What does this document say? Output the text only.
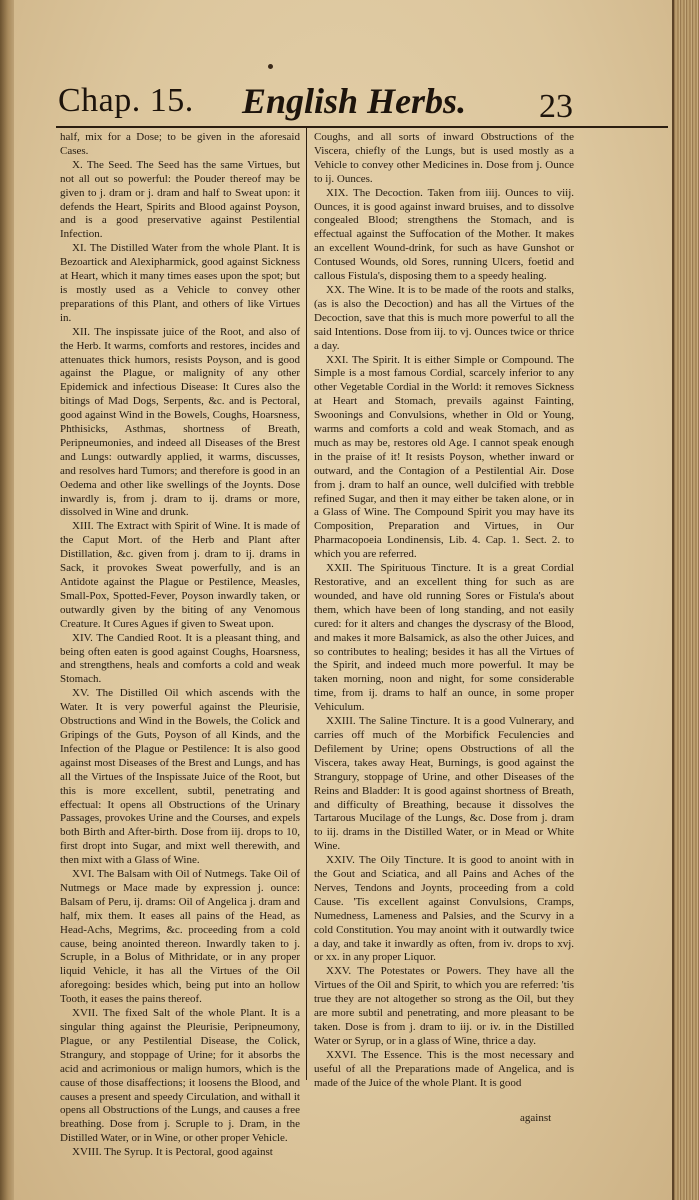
Chap. 15. English Herbs. 23

half, mix for a Dose; to be given in the aforesaid Cases.

X. The Seed. The Seed has the same Virtues, but not all out so powerful: the Pouder thereof may be given to j. dram or j. dram and half to Sweat upon: it defends the Heart, Spirits and Blood against Poyson, and is a good preservative against Pestilential Infection.

XI. The Distilled Water from the whole Plant. It is Bezoartick and Alexipharmick, good against Sickness at Heart, which it many times eases upon the spot; but is mostly used as a Vehicle to convey other preparations of this Plant, and others of like Virtues in.

XII. The inspissate juice of the Root, and also of the Herb. It warms, comforts and restores, incides and attenuates thick humors, resists Poyson, and is good against the Plague, or malignity of any other Epidemick and infectious Disease: It Cures also the bitings of Mad Dogs, Serpents, &c. and is Pectoral, good against Wind in the Bowels, Coughs, Hoarsness, Phthisicks, Asthmas, shortness of Breath, Peripneumonies, and indeed all Diseases of the Brest and Lungs: outwardly applied, it warms, discusses, and resolves hard Tumors; and therefore is good in an Oedema and other like swellings of the Joynts. Dose inwardly is, from j. dram to ij. drams or more, dissolved in Wine and drunk.

XIII. The Extract with Spirit of Wine. It is made of the Caput Mort. of the Herb and Plant after Distillation, &c. given from j. dram to ij. drams in Sack, it provokes Sweat powerfully, and is an Antidote against the Plague or Pestilence, Measles, Small-Pox, Spotted-Fever, Poyson inwardly taken, or outwardly given by the biting of any Venomous Creature. It Cures Agues if given to Sweat upon.

XIV. The Candied Root. It is a pleasant thing, and being often eaten is good against Coughs, Hoarsness, and strengthens, heals and comforts a cold and weak Stomach.

XV. The Distilled Oil which ascends with the Water. It is very powerful against the Pleurisie, Obstructions and Wind in the Bowels, the Colick and Gripings of the Guts, Poyson of all Kinds, and the Infection of the Plague or Pestilence: It is also good against most Diseases of the Brest and Lungs, and has all the Virtues of the Inspissate Juice of the Root, but this is more excellent, subtil, penetrating and effectual: It opens all Obstructions of the Urinary Passages, provokes Urine and the Courses, and expels both Birth and After-birth. Dose from iij. drops to 10, first dropt into Sugar, and mixt well therewith, and then mixt with a Glass of Wine.

XVI. The Balsam with Oil of Nutmegs. Take Oil of Nutmegs or Mace made by expression j. ounce: Balsam of Peru, ij. drams: Oil of Angelica j. dram and half, mix them. It eases all pains of the Head, as Head-Achs, Megrims, &c. proceeding from a cold cause, being anointed thereon. Inwardly taken to j. Scruple, in a Bolus of Mithridate, or in any proper liquid Vehicle, it has all the Virtues of the Oil aforegoing: besides which, being put into an hollow Tooth, it eases the pains thereof.

XVII. The fixed Salt of the whole Plant. It is a singular thing against the Pleurisie, Peripneumony, Plague, or any Pestilential Disease, the Colick, Strangury, and stoppage of Urine; for it absorbs the acid and acrimonious or malign humors, which is the cause of those disaffections; it loosens the Blood, and causes a present and speedy Circulation, and withall it opens all Obstructions of the Lungs, and causes a free breathing. Dose from j. Scruple to j. Dram, in the Distilled Water, or in Wine, or other proper Vehicle.

XVIII. The Syrup. It is Pectoral, good against

Coughs, and all sorts of inward Obstructions of the Viscera, chiefly of the Lungs, but is used mostly as a Vehicle to convey other Medicines in. Dose from j. Ounce to ij. Ounces.

XIX. The Decoction. Taken from iiij. Ounces to viij. Ounces, it is good against inward bruises, and to dissolve congealed Blood; strengthens the Stomach, and is effectual against the Suffocation of the Mother. It makes an excellent Wound-drink, for such as have Gunshot or Contused Wounds, old Sores, running Ulcers, foetid and callous Fistula's, disposing them to a speedy healing.

XX. The Wine. It is to be made of the roots and stalks, (as is also the Decoction) and has all the Virtues of the Decoction, save that this is much more powerful to all the said Intentions. Dose from iij. to vj. Ounces twice or thrice a day.

XXI. The Spirit. It is either Simple or Compound. The Simple is a most famous Cordial, scarcely inferior to any other Vegetable Cordial in the World: it removes Sickness at Heart and Stomach, prevails against Fainting, Swoonings and Convulsions, whether in Old or Young, warms and comforts a cold and weak Stomach, and as much as may be, restores old Age. I cannot speak enough in the praise of it! It resists Poyson, whether inward or outward, and the Contagion of a Pestilential Air. Dose from j. dram to half an ounce, well dulcified with trebble refined Sugar, and then it may either be taken alone, or in a Glass of Wine. The Compound Spirit you may have its Composition, Preparation and Virtues, in Our Pharmacopoeia Londinensis, Lib. 4. Cap. 1. Sect. 2. to which you are referred.

XXII. The Spirituous Tincture. It is a great Cordial Restorative, and an excellent thing for such as are wounded, and have old running Sores or Fistula's about them, which have been of long standing, and not easily cured: for it alters and changes the dyscrasy of the Blood, and makes it more Balsamick, as also the other Juices, and so contributes to healing; besides it has all the Virtues of the Spirit, and indeed much more powerful. It may be taken morning, noon and night, for some considerable time, from ij. drams to half an ounce, in some proper Vehiculum.

XXIII. The Saline Tincture. It is a good Vulnerary, and carries off much of the Morbifick Feculencies and Defilement by Urine; opens Obstructions of all the Viscera, takes away Heat, Burnings, is good against the Strangury, stoppage of Urine, and other Diseases of the Reins and Bladder: It is good against shortness of Breath, and difficulty of Breathing, because it dissolves the Tartarous Mucilage of the Lungs, &c. Dose from j. dram to iij. drams in the Distilled Water, or in Mead or White Wine.

XXIV. The Oily Tincture. It is good to anoint with in the Gout and Sciatica, and all Pains and Aches of the Nerves, Tendons and Joynts, proceeding from a cold Cause. 'Tis excellent against Convulsions, Cramps, Numedness, Lameness and Palsies, and the Scurvy in a cold Constitution. You may anoint with it outwardly twice a day, and take it inwardly as often, from iv. drops to xvj. or xx. in any proper Liquor.

XXV. The Potestates or Powers. They have all the Virtues of the Oil and Spirit, to which you are referred: 'tis true they are not altogether so strong as the Oil, but they are more subtil and penetrating, and more pleasant to be taken. Dose is from j. dram to iij. or iv. in the Distilled Water or Syrup, or in a glass of Wine, thrice a day.

XXVI. The Essence. This is the most necessary and useful of all the Preparations made of Angelica, and is made of the Juice of the whole Plant. It is good

against
